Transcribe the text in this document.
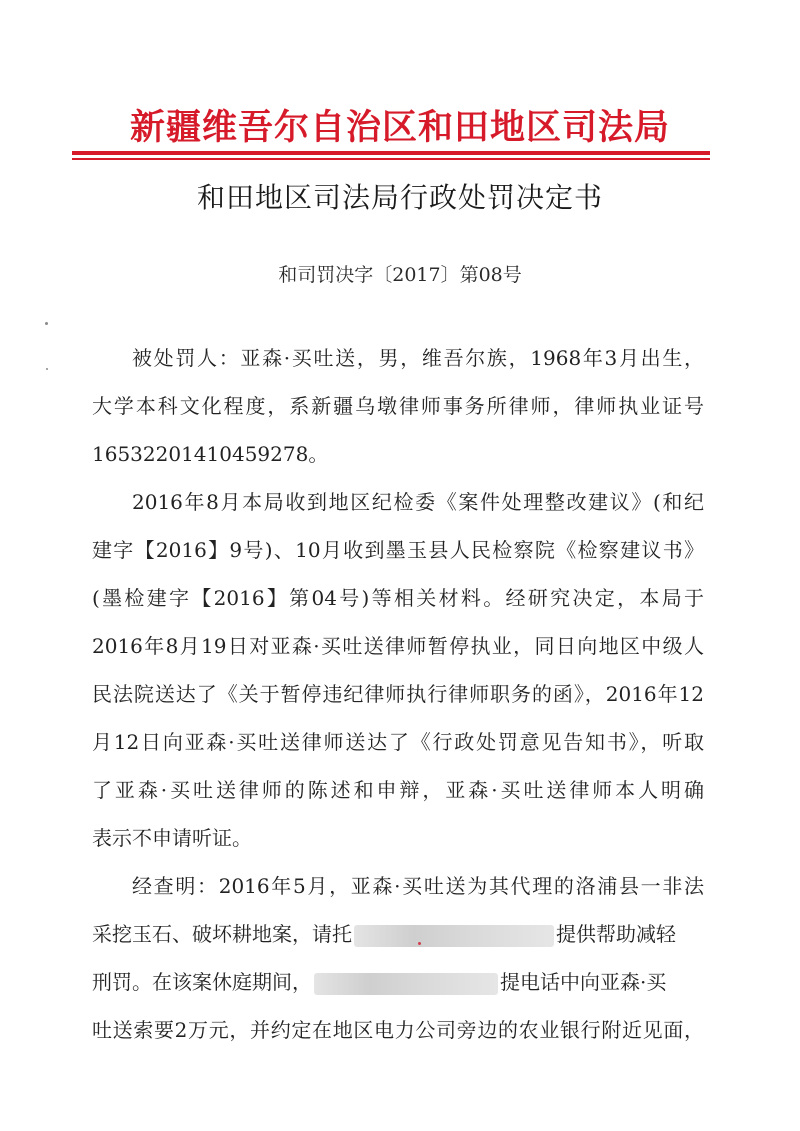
新疆维吾尔自治区和田地区司法局
和田地区司法局行政处罚决定书
和司罚决字〔2017〕第08号
被处罚人：亚森·买吐送，男，维吾尔族，1968年3月出生，
大学本科文化程度，系新疆乌墩律师事务所律师，律师执业证号
16532201410459278。
2016年8月本局收到地区纪检委《案件处理整改建议》(和纪
建字【2016】9号)、10月收到墨玉县人民检察院《检察建议书》
(墨检建字【2016】第04号)等相关材料。经研究决定，本局于
2016年8月19日对亚森·买吐送律师暂停执业，同日向地区中级人
民法院送达了《关于暂停违纪律师执行律师职务的函》，2016年12
月12日向亚森·买吐送律师送达了《行政处罚意见告知书》，听取
了亚森·买吐送律师的陈述和申辩，亚森·买吐送律师本人明确
表示不申请听证。
经查明：2016年5月，亚森·买吐送为其代理的洛浦县一非法
采挖玉石、破坏耕地案，请托	提供帮助减轻
刑罚。在该案休庭期间，	提电话中向亚森·买
吐送索要2万元，并约定在地区电力公司旁边的农业银行附近见面，
